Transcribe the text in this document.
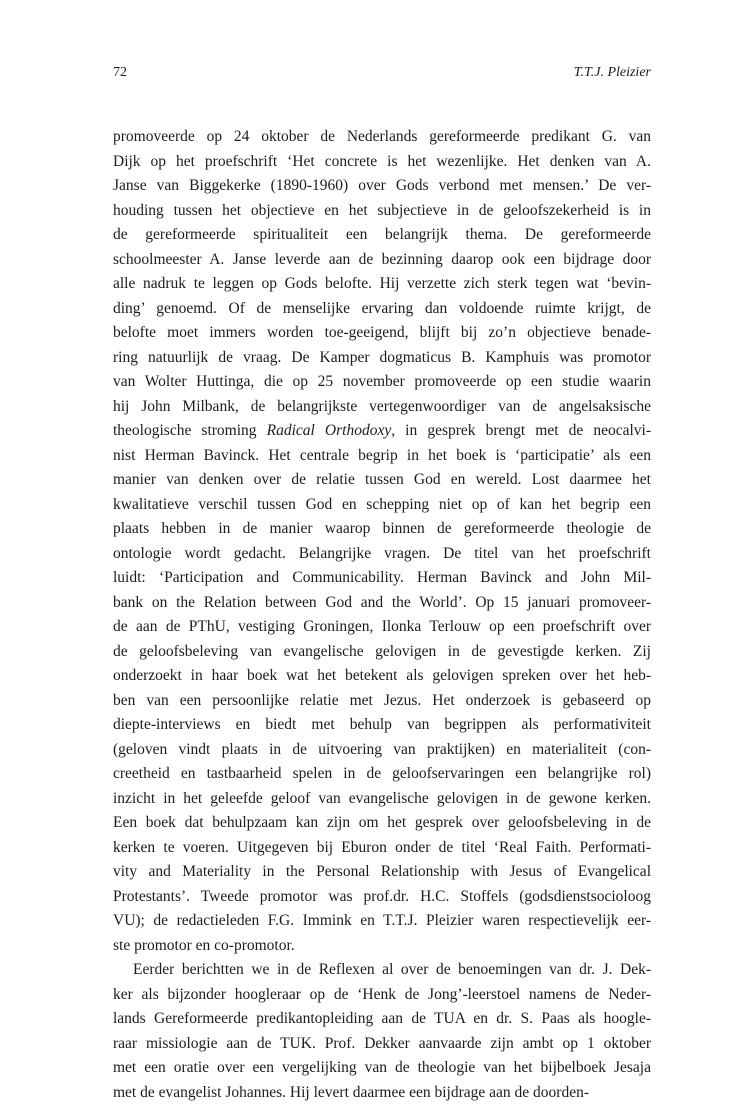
72	T.T.J. Pleizier
promoveerde op 24 oktober de Nederlands gereformeerde predikant G. van
Dijk op het proefschrift ‘Het concrete is het wezenlijke. Het denken van A.
Janse van Biggekerke (1890-1960) over Gods verbond met mensen.’ De ver-
houding tussen het objectieve en het subjectieve in de geloofszekerheid is in
de gereformeerde spiritualiteit een belangrijk thema. De gereformeerde
schoolmeester A. Janse leverde aan de bezinning daarop ook een bijdrage door
alle nadruk te leggen op Gods belofte. Hij verzette zich sterk tegen wat ‘bevin-
ding’ genoemd. Of de menselijke ervaring dan voldoende ruimte krijgt, de
belofte moet immers worden toe-geeigend, blijft bij zo’n objectieve benade-
ring natuurlijk de vraag. De Kamper dogmaticus B. Kamphuis was promotor
van Wolter Huttinga, die op 25 november promoveerde op een studie waarin
hij John Milbank, de belangrijkste vertegenwoordiger van de angelsaksische
theologische stroming Radical Orthodoxy, in gesprek brengt met de neocalvi-
nist Herman Bavinck. Het centrale begrip in het boek is ‘participatie’ als een
manier van denken over de relatie tussen God en wereld. Lost daarmee het
kwalitatieve verschil tussen God en schepping niet op of kan het begrip een
plaats hebben in de manier waarop binnen de gereformeerde theologie de
ontologie wordt gedacht. Belangrijke vragen. De titel van het proefschrift
luidt: ‘Participation and Communicability. Herman Bavinck and John Mil-
bank on the Relation between God and the World’. Op 15 januari promoveer-
de aan de PThU, vestiging Groningen, Ilonka Terlouw op een proefschrift over
de geloofsbeleving van evangelische gelovigen in de gevestigde kerken. Zij
onderzoekt in haar boek wat het betekent als gelovigen spreken over het heb-
ben van een persoonlijke relatie met Jezus. Het onderzoek is gebaseerd op
diepte-interviews en biedt met behulp van begrippen als performativiteit
(geloven vindt plaats in de uitvoering van praktijken) en materialiteit (con-
creetheid en tastbaarheid spelen in de geloofservaringen een belangrijke rol)
inzicht in het geleefde geloof van evangelische gelovigen in de gewone kerken.
Een boek dat behulpzaam kan zijn om het gesprek over geloofsbeleving in de
kerken te voeren. Uitgegeven bij Eburon onder de titel ‘Real Faith. Performati-
vity and Materiality in the Personal Relationship with Jesus of Evangelical
Protestants’. Tweede promotor was prof.dr. H.C. Stoffels (godsdienstsocioloog
VU); de redactieleden F.G. Immink en T.T.J. Pleizier waren respectievelijk eer-
ste promotor en co-promotor.
Eerder berichtten we in de Reflexen al over de benoemingen van dr. J. Dek-
ker als bijzonder hoogleraar op de ‘Henk de Jong’-leerstoel namens de Neder-
lands Gereformeerde predikantopleiding aan de TUA en dr. S. Paas als hoogle-
raar missiologie aan de TUK. Prof. Dekker aanvaarde zijn ambt op 1 oktober
met een oratie over een vergelijking van de theologie van het bijbelboek Jesaja
met de evangelist Johannes. Hij levert daarmee een bijdrage aan de doorden-
